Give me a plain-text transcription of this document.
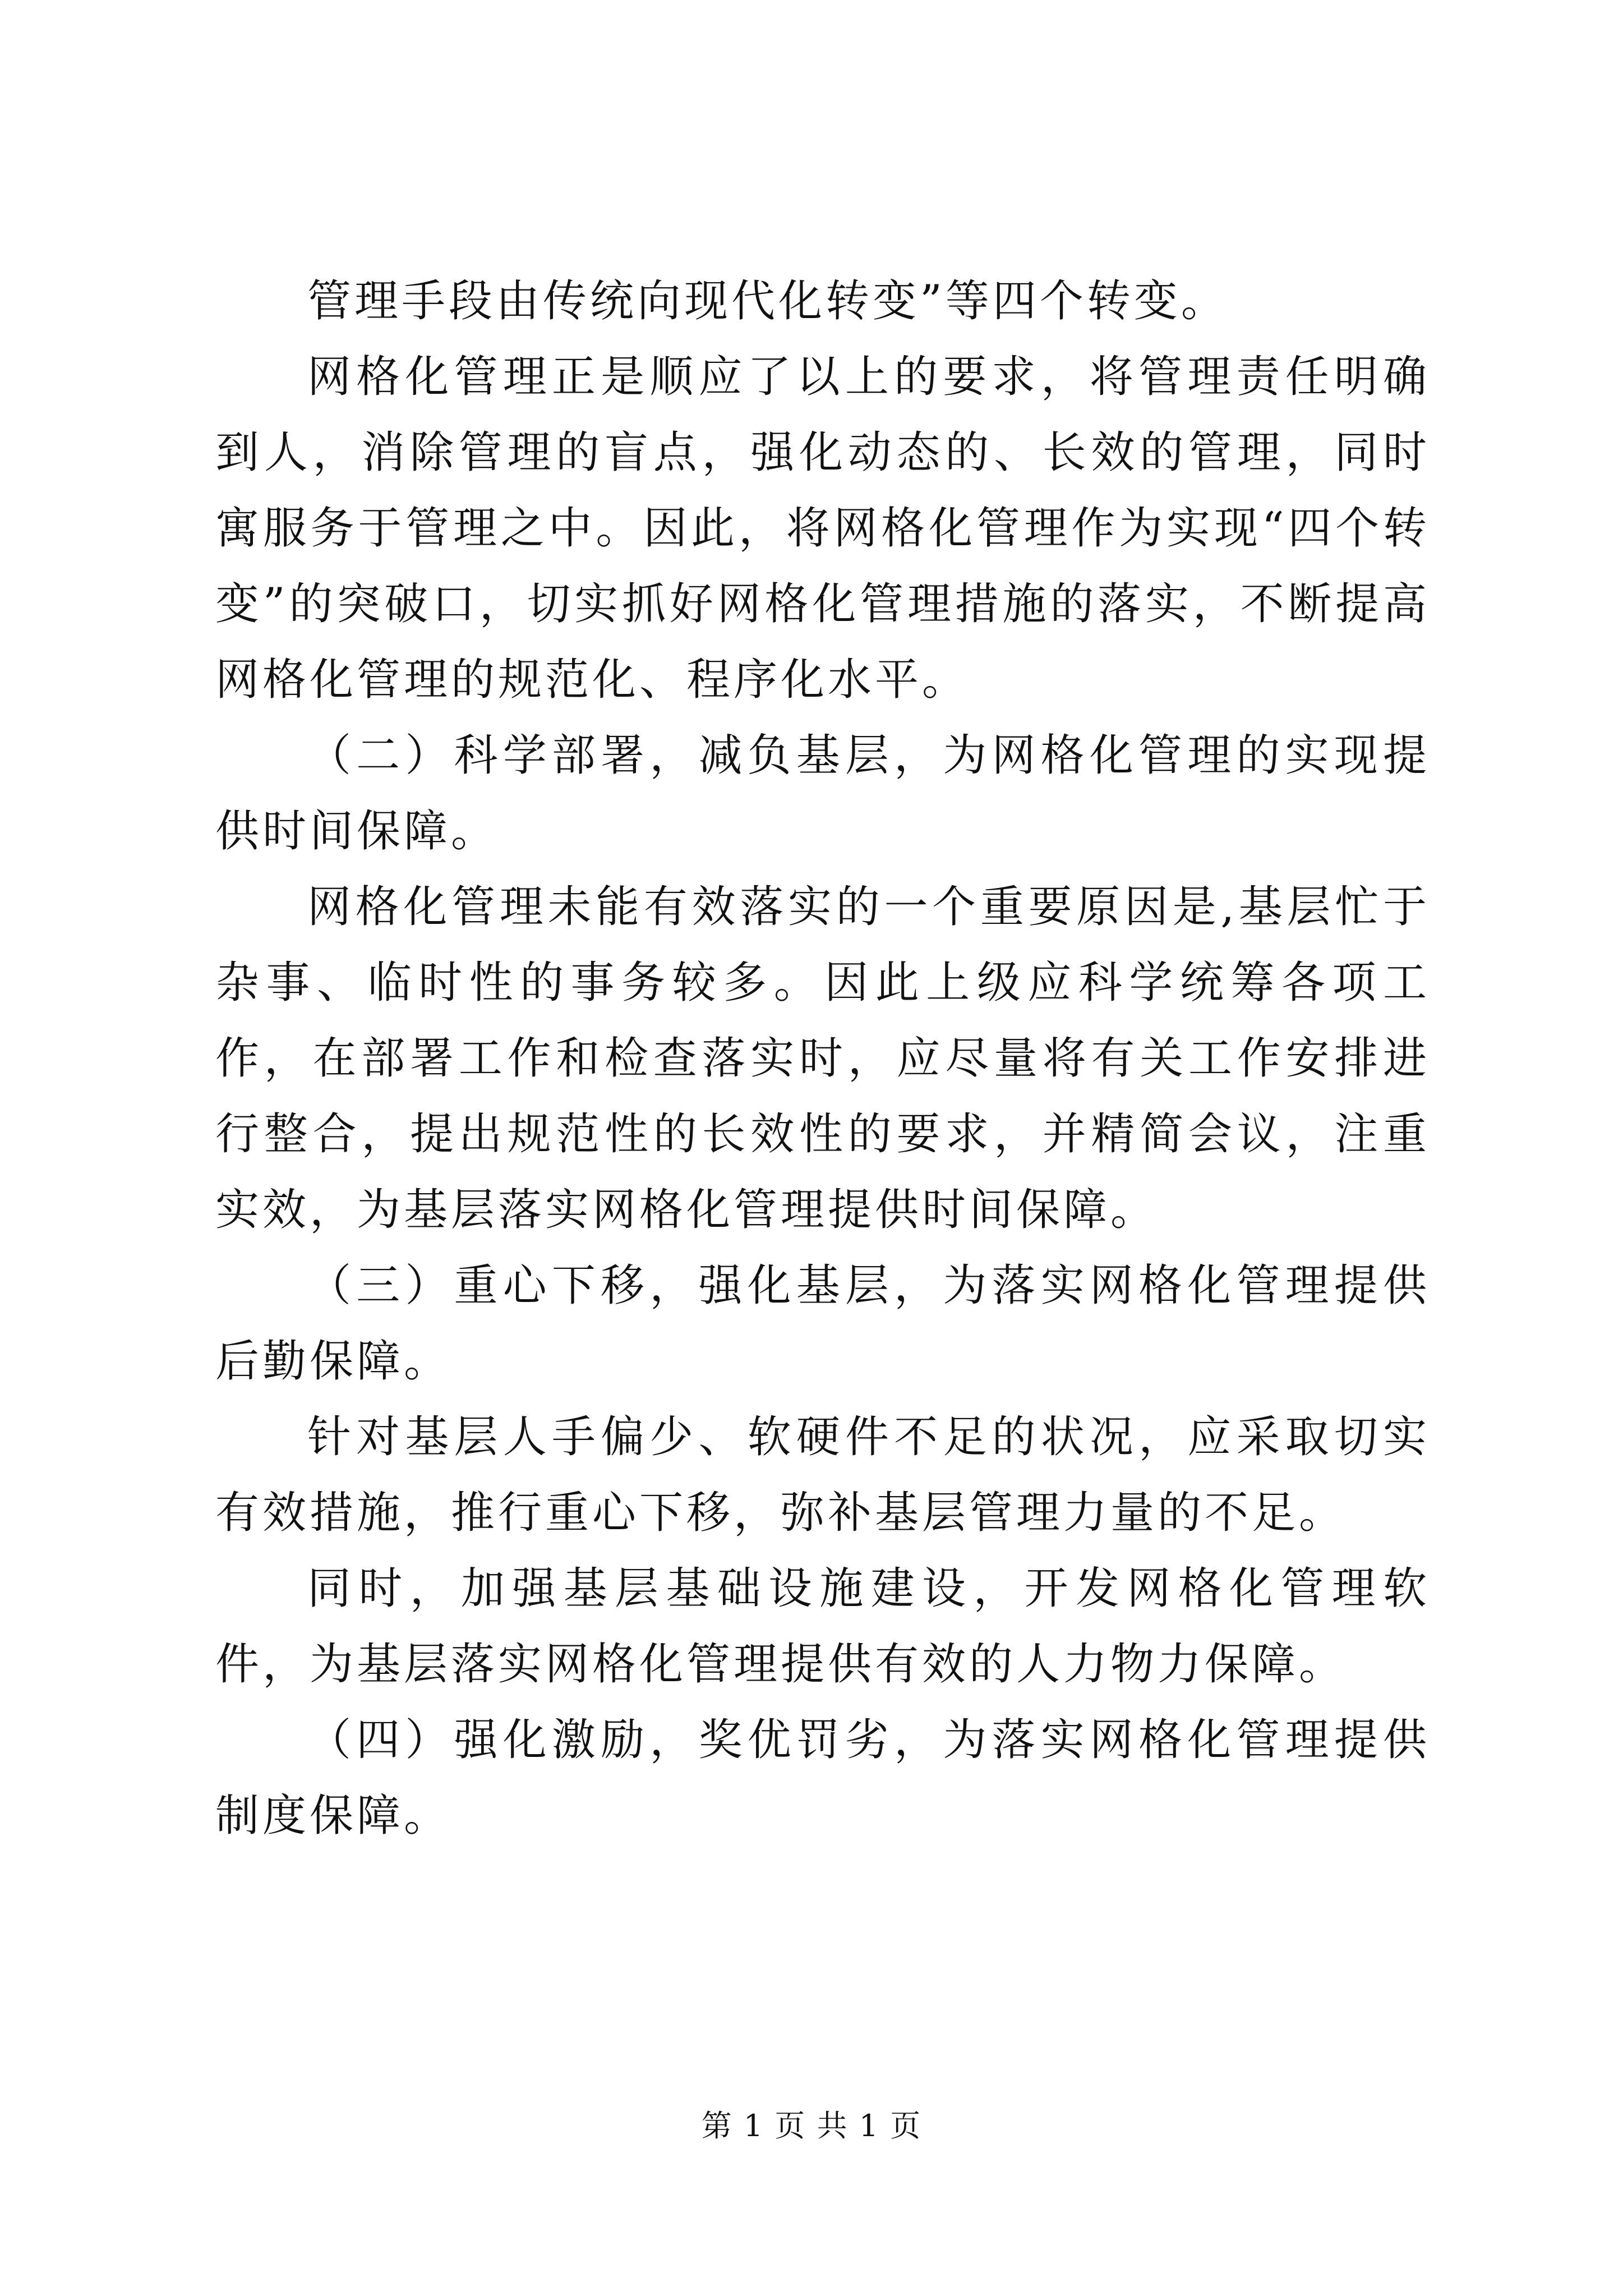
管理手段由传统向现代化转变”等四个转变。

网格化管理正是顺应了以上的要求，将管理责任明确到人，消除管理的盲点，强化动态的、长效的管理，同时寓服务于管理之中。因此，将网格化管理作为实现“四个转变”的突破口，切实抓好网格化管理措施的落实，不断提高网格化管理的规范化、程序化水平。

（二）科学部署，减负基层，为网格化管理的实现提供时间保障。

网格化管理未能有效落实的一个重要原因是,基层忙于杂事、临时性的事务较多。因此上级应科学统筹各项工作，在部署工作和检查落实时，应尽量将有关工作安排进行整合，提出规范性的长效性的要求，并精简会议，注重实效，为基层落实网格化管理提供时间保障。

（三）重心下移，强化基层，为落实网格化管理提供后勤保障。

针对基层人手偏少、软硬件不足的状况，应采取切实有效措施，推行重心下移，弥补基层管理力量的不足。

同时，加强基层基础设施建设，开发网格化管理软件，为基层落实网格化管理提供有效的人力物力保障。

（四）强化激励，奖优罚劣，为落实网格化管理提供制度保障。

第 1 页 共 1 页
